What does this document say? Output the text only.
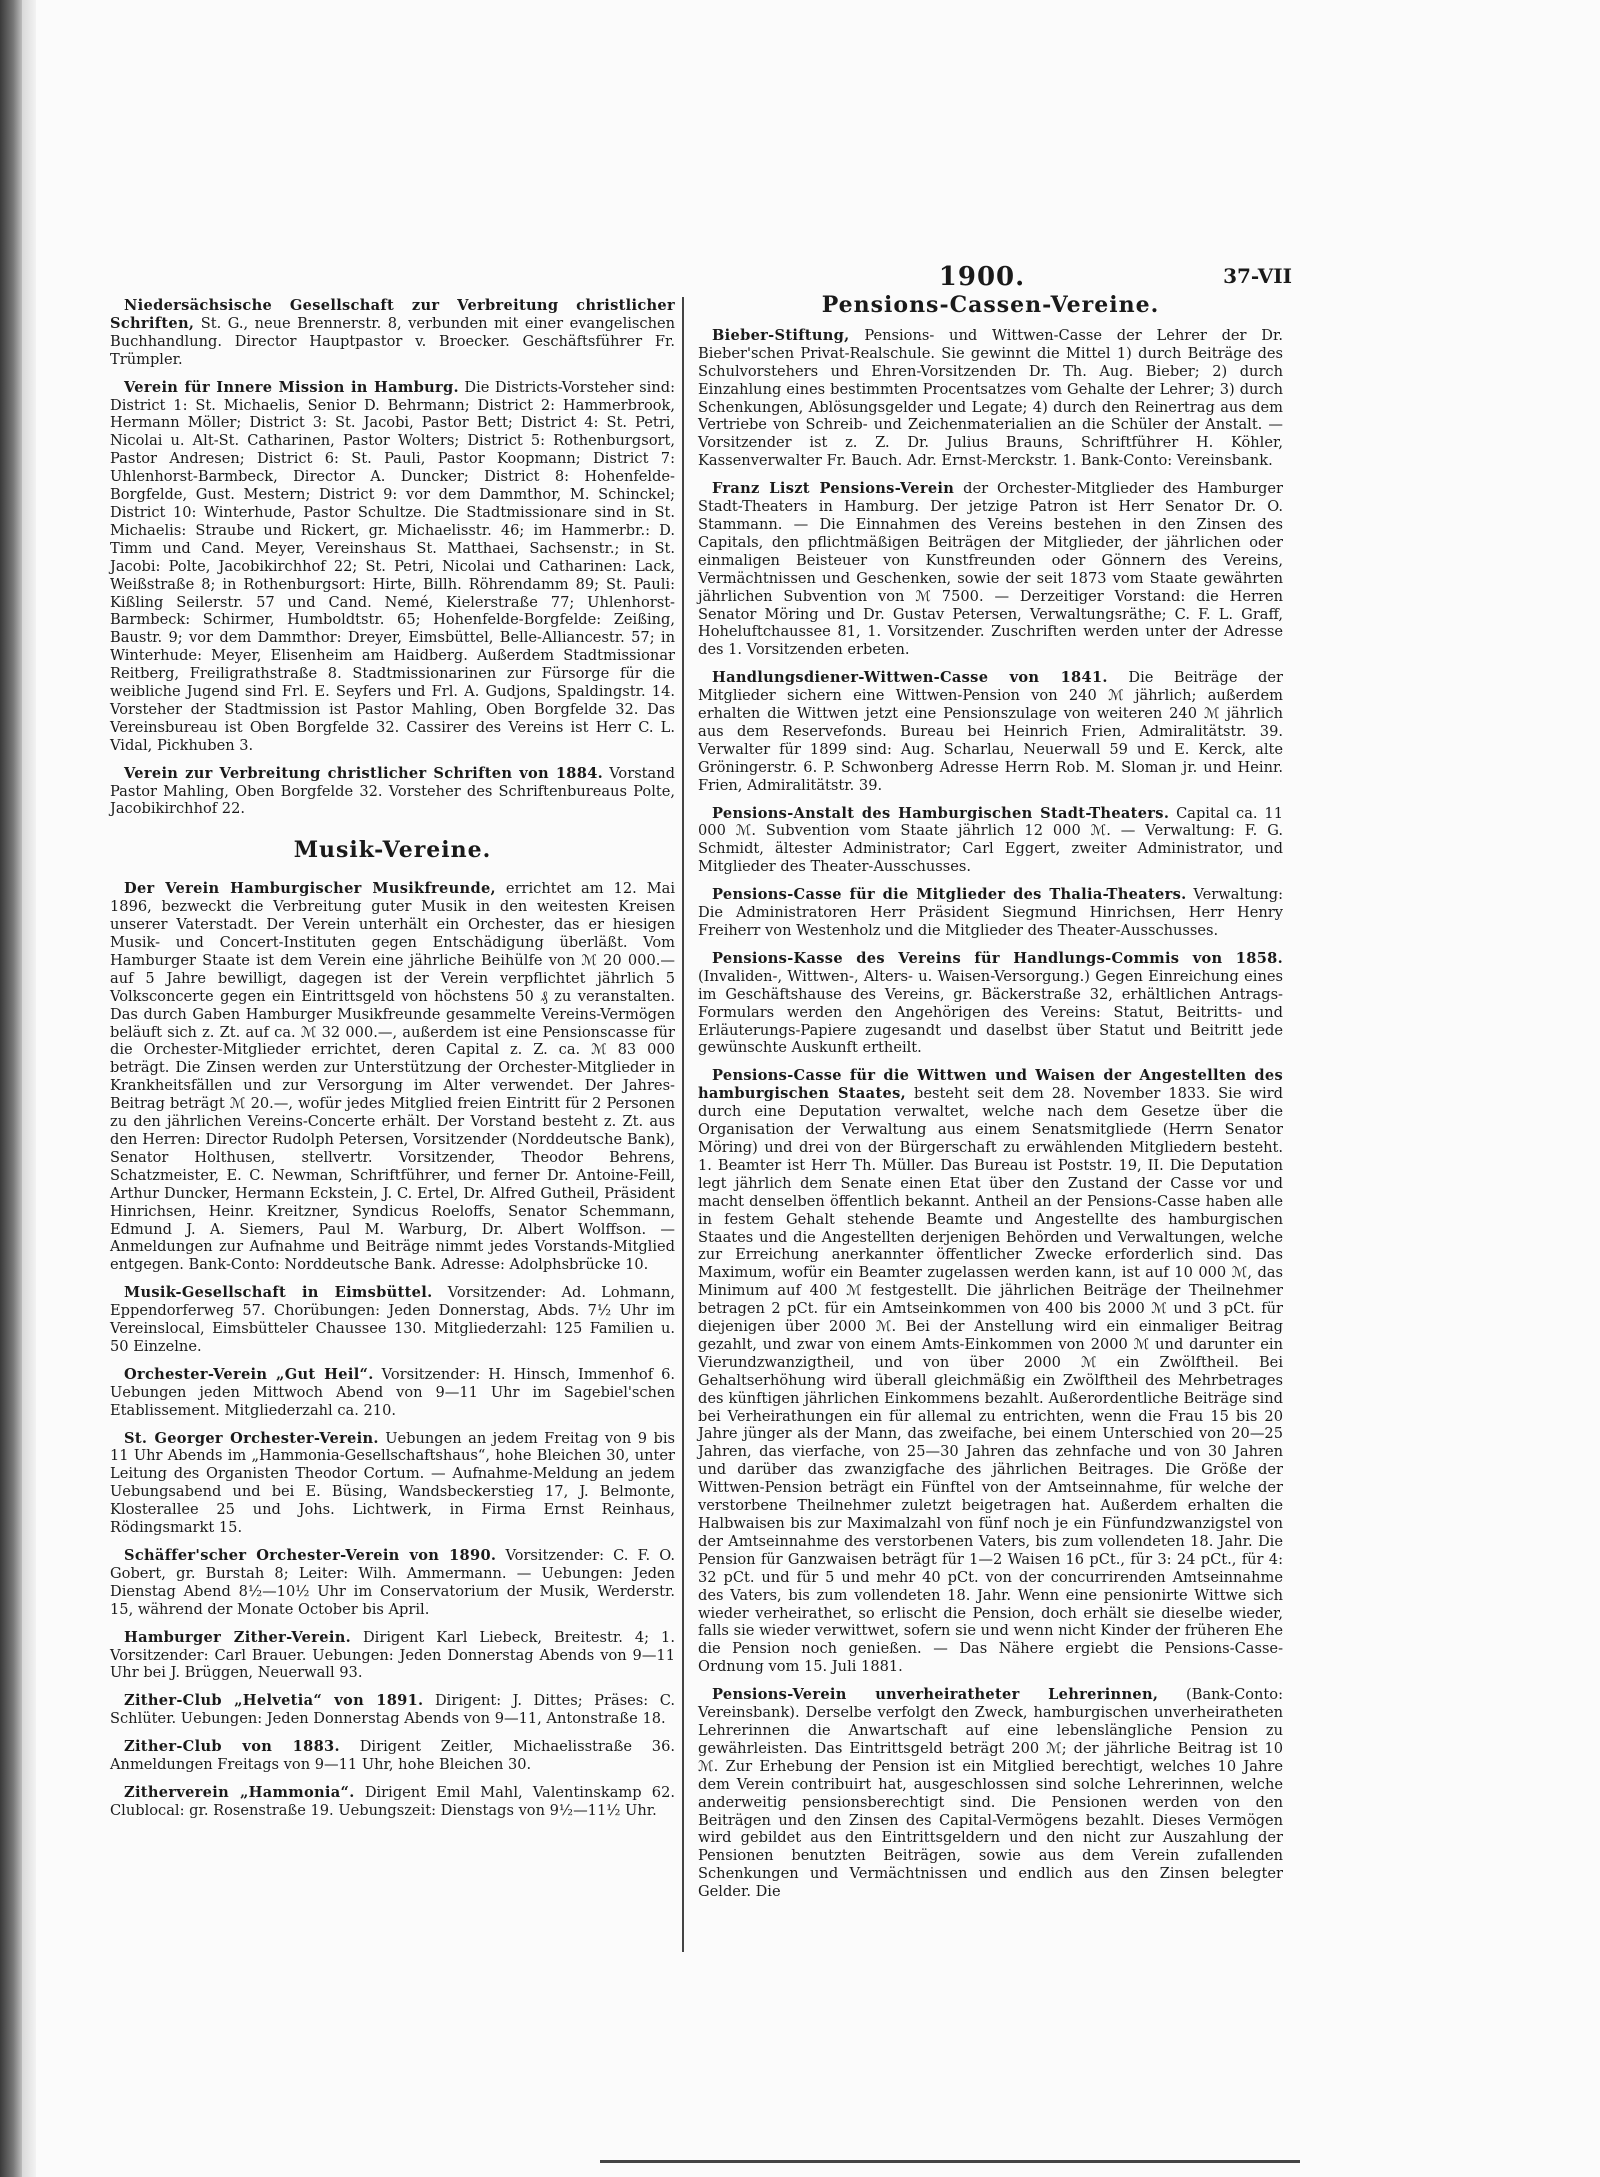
1900.	37-VII

Niedersächsische Gesellschaft zur Verbreitung christlicher Schriften, St. G., neue Brennerstr. 8, verbunden mit einer evangelischen Buchhandlung. Director Hauptpastor v. Broecker. Geschäftsführer Fr. Trümpler.

Verein für Innere Mission in Hamburg. Die Districts-Vorsteher sind: District 1: St. Michaelis, Senior D. Behrmann; District 2: Hammerbrook, Hermann Möller; District 3: St. Jacobi, Pastor Bett; District 4: St. Petri, Nicolai u. Alt-St. Catharinen, Pastor Wolters; District 5: Rothenburgsort, Pastor Andresen; District 6: St. Pauli, Pastor Koopmann; District 7: Uhlenhorst-Barmbeck, Director A. Duncker; District 8: Hohenfelde-Borgfelde, Gust. Mestern; District 9: vor dem Dammthor, M. Schinckel; District 10: Winterhude, Pastor Schultze. Die Stadtmissionare sind in St. Michaelis: Straube und Rickert, gr. Michaelisstr. 46; im Hammerbr.: D. Timm und Cand. Meyer, Vereinshaus St. Matthaei, Sachsenstr.; in St. Jacobi: Polte, Jacobikirchhof 22; St. Petri, Nicolai und Catharinen: Lack, Weißstraße 8; in Rothenburgsort: Hirte, Billh. Röhrendamm 89; St. Pauli: Kißling Seilerstr. 57 und Cand. Nemé, Kielerstraße 77; Uhlenhorst-Barmbeck: Schirmer, Humboldtstr. 65; Hohenfelde-Borgfelde: Zeißing, Baustr. 9; vor dem Dammthor: Dreyer, Eimsbüttel, Belle-Alliancestr. 57; in Winterhude: Meyer, Elisenheim am Haidberg. Außerdem Stadtmissionar Reitberg, Freiligrathstraße 8. Stadtmissionarinen zur Fürsorge für die weibliche Jugend sind Frl. E. Seyfers und Frl. A. Gudjons, Spaldingstr. 14. Vorsteher der Stadtmission ist Pastor Mahling, Oben Borgfelde 32. Das Vereinsbureau ist Oben Borgfelde 32. Cassirer des Vereins ist Herr C. L. Vidal, Pickhuben 3.

Verein zur Verbreitung christlicher Schriften von 1884. Vorstand Pastor Mahling, Oben Borgfelde 32. Vorsteher des Schriftenbureaus Polte, Jacobikirchhof 22.

Musik-Vereine.

Der Verein Hamburgischer Musikfreunde, errichtet am 12. Mai 1896, bezweckt die Verbreitung guter Musik in den weitesten Kreisen unserer Vaterstadt. Der Verein unterhält ein Orchester, das er hiesigen Musik- und Concert-Instituten gegen Entschädigung überläßt. Vom Hamburger Staate ist dem Verein eine jährliche Beihülfe von ℳ 20 000.— auf 5 Jahre bewilligt, dagegen ist der Verein verpflichtet jährlich 5 Volksconcerte gegen ein Eintrittsgeld von höchstens 50 ₰ zu veranstalten. Das durch Gaben Hamburger Musikfreunde gesammelte Vereins-Vermögen beläuft sich z. Zt. auf ca. ℳ 32 000.—, außerdem ist eine Pensionscasse für die Orchester-Mitglieder errichtet, deren Capital z. Z. ca. ℳ 83 000 beträgt. Die Zinsen werden zur Unterstützung der Orchester-Mitglieder in Krankheitsfällen und zur Versorgung im Alter verwendet. Der Jahres-Beitrag beträgt ℳ 20.—, wofür jedes Mitglied freien Eintritt für 2 Personen zu den jährlichen Vereins-Concerte erhält. Der Vorstand besteht z. Zt. aus den Herren: Director Rudolph Petersen, Vorsitzender (Norddeutsche Bank), Senator Holthusen, stellvertr. Vorsitzender, Theodor Behrens, Schatzmeister, E. C. Newman, Schriftführer, und ferner Dr. Antoine-Feill, Arthur Duncker, Hermann Eckstein, J. C. Ertel, Dr. Alfred Gutheil, Präsident Hinrichsen, Heinr. Kreitzner, Syndicus Roeloffs, Senator Schemmann, Edmund J. A. Siemers, Paul M. Warburg, Dr. Albert Wolffson. — Anmeldungen zur Aufnahme und Beiträge nimmt jedes Vorstands-Mitglied entgegen. Bank-Conto: Norddeutsche Bank. Adresse: Adolphsbrücke 10.

Musik-Gesellschaft in Eimsbüttel. Vorsitzender: Ad. Lohmann, Eppendorferweg 57. Chorübungen: Jeden Donnerstag, Abds. 7½ Uhr im Vereinslocal, Eimsbütteler Chaussee 130. Mitgliederzahl: 125 Familien u. 50 Einzelne.

Orchester-Verein „Gut Heil“. Vorsitzender: H. Hinsch, Immenhof 6. Uebungen jeden Mittwoch Abend von 9—11 Uhr im Sagebiel'schen Etablissement. Mitgliederzahl ca. 210.

St. Georger Orchester-Verein. Uebungen an jedem Freitag von 9 bis 11 Uhr Abends im „Hammonia-Gesellschaftshaus“, hohe Bleichen 30, unter Leitung des Organisten Theodor Cortum. — Aufnahme-Meldung an jedem Uebungsabend und bei E. Büsing, Wandsbeckerstieg 17, J. Belmonte, Klosterallee 25 und Johs. Lichtwerk, in Firma Ernst Reinhaus, Rödingsmarkt 15.

Schäffer'scher Orchester-Verein von 1890. Vorsitzender: C. F. O. Gobert, gr. Burstah 8; Leiter: Wilh. Ammermann. — Uebungen: Jeden Dienstag Abend 8½—10½ Uhr im Conservatorium der Musik, Werderstr. 15, während der Monate October bis April.

Hamburger Zither-Verein. Dirigent Karl Liebeck, Breitestr. 4; 1. Vorsitzender: Carl Brauer. Uebungen: Jeden Donnerstag Abends von 9—11 Uhr bei J. Brüggen, Neuerwall 93.

Zither-Club „Helvetia“ von 1891. Dirigent: J. Dittes; Präses: C. Schlüter. Uebungen: Jeden Donnerstag Abends von 9—11, Antonstraße 18.

Zither-Club von 1883. Dirigent Zeitler, Michaelisstraße 36. Anmeldungen Freitags von 9—11 Uhr, hohe Bleichen 30.

Zitherverein „Hammonia“. Dirigent Emil Mahl, Valentinskamp 62. Clublocal: gr. Rosenstraße 19. Uebungszeit: Dienstags von 9½—11½ Uhr.

Pensions-Cassen-Vereine.

Bieber-Stiftung, Pensions- und Wittwen-Casse der Lehrer der Dr. Bieber'schen Privat-Realschule. Sie gewinnt die Mittel 1) durch Beiträge des Schulvorstehers und Ehren-Vorsitzenden Dr. Th. Aug. Bieber; 2) durch Einzahlung eines bestimmten Procentsatzes vom Gehalte der Lehrer; 3) durch Schenkungen, Ablösungsgelder und Legate; 4) durch den Reinertrag aus dem Vertriebe von Schreib- und Zeichenmaterialien an die Schüler der Anstalt. — Vorsitzender ist z. Z. Dr. Julius Brauns, Schriftführer H. Köhler, Kassenverwalter Fr. Bauch. Adr. Ernst-Merckstr. 1. Bank-Conto: Vereinsbank.

Franz Liszt Pensions-Verein der Orchester-Mitglieder des Hamburger Stadt-Theaters in Hamburg. Der jetzige Patron ist Herr Senator Dr. O. Stammann. — Die Einnahmen des Vereins bestehen in den Zinsen des Capitals, den pflichtmäßigen Beiträgen der Mitglieder, der jährlichen oder einmaligen Beisteuer von Kunstfreunden oder Gönnern des Vereins, Vermächtnissen und Geschenken, sowie der seit 1873 vom Staate gewährten jährlichen Subvention von ℳ 7500. — Derzeitiger Vorstand: die Herren Senator Möring und Dr. Gustav Petersen, Verwaltungsräthe; C. F. L. Graff, Hoheluftchaussee 81, 1. Vorsitzender. Zuschriften werden unter der Adresse des 1. Vorsitzenden erbeten.

Handlungsdiener-Wittwen-Casse von 1841. Die Beiträge der Mitglieder sichern eine Wittwen-Pension von 240 ℳ jährlich; außerdem erhalten die Wittwen jetzt eine Pensionszulage von weiteren 240 ℳ jährlich aus dem Reservefonds. Bureau bei Heinrich Frien, Admiralitätstr. 39. Verwalter für 1899 sind: Aug. Scharlau, Neuerwall 59 und E. Kerck, alte Gröningerstr. 6. P. Schwonberg Adresse Herrn Rob. M. Sloman jr. und Heinr. Frien, Admiralitätstr. 39.

Pensions-Anstalt des Hamburgischen Stadt-Theaters. Capital ca. 11 000 ℳ. Subvention vom Staate jährlich 12 000 ℳ. — Verwaltung: F. G. Schmidt, ältester Administrator; Carl Eggert, zweiter Administrator, und Mitglieder des Theater-Ausschusses.

Pensions-Casse für die Mitglieder des Thalia-Theaters. Verwaltung: Die Administratoren Herr Präsident Siegmund Hinrichsen, Herr Henry Freiherr von Westenholz und die Mitglieder des Theater-Ausschusses.

Pensions-Kasse des Vereins für Handlungs-Commis von 1858. (Invaliden-, Wittwen-, Alters- u. Waisen-Versorgung.) Gegen Einreichung eines im Geschäftshause des Vereins, gr. Bäckerstraße 32, erhältlichen Antrags-Formulars werden den Angehörigen des Vereins: Statut, Beitritts- und Erläuterungs-Papiere zugesandt und daselbst über Statut und Beitritt jede gewünschte Auskunft ertheilt.

Pensions-Casse für die Wittwen und Waisen der Angestellten des hamburgischen Staates, besteht seit dem 28. November 1833. Sie wird durch eine Deputation verwaltet, welche nach dem Gesetze über die Organisation der Verwaltung aus einem Senatsmitgliede (Herrn Senator Möring) und drei von der Bürgerschaft zu erwählenden Mitgliedern besteht. 1. Beamter ist Herr Th. Müller. Das Bureau ist Poststr. 19, II. Die Deputation legt jährlich dem Senate einen Etat über den Zustand der Casse vor und macht denselben öffentlich bekannt. Antheil an der Pensions-Casse haben alle in festem Gehalt stehende Beamte und Angestellte des hamburgischen Staates und die Angestellten derjenigen Behörden und Verwaltungen, welche zur Erreichung anerkannter öffentlicher Zwecke erforderlich sind. Das Maximum, wofür ein Beamter zugelassen werden kann, ist auf 10 000 ℳ, das Minimum auf 400 ℳ festgestellt. Die jährlichen Beiträge der Theilnehmer betragen 2 pCt. für ein Amtseinkommen von 400 bis 2000 ℳ und 3 pCt. für diejenigen über 2000 ℳ. Bei der Anstellung wird ein einmaliger Beitrag gezahlt, und zwar von einem Amts-Einkommen von 2000 ℳ und darunter ein Vierundzwanzigtheil, und von über 2000 ℳ ein Zwölftheil. Bei Gehaltserhöhung wird überall gleichmäßig ein Zwölftheil des Mehrbetrages des künftigen jährlichen Einkommens bezahlt. Außerordentliche Beiträge sind bei Verheirathungen ein für allemal zu entrichten, wenn die Frau 15 bis 20 Jahre jünger als der Mann, das zweifache, bei einem Unterschied von 20—25 Jahren, das vierfache, von 25—30 Jahren das zehnfache und von 30 Jahren und darüber das zwanzigfache des jährlichen Beitrages. Die Größe der Wittwen-Pension beträgt ein Fünftel von der Amtseinnahme, für welche der verstorbene Theilnehmer zuletzt beigetragen hat. Außerdem erhalten die Halbwaisen bis zur Maximalzahl von fünf noch je ein Fünfundzwanzigstel von der Amtseinnahme des verstorbenen Vaters, bis zum vollendeten 18. Jahr. Die Pension für Ganzwaisen beträgt für 1—2 Waisen 16 pCt., für 3: 24 pCt., für 4: 32 pCt. und für 5 und mehr 40 pCt. von der concurrirenden Amtseinnahme des Vaters, bis zum vollendeten 18. Jahr. Wenn eine pensionirte Wittwe sich wieder verheirathet, so erlischt die Pension, doch erhält sie dieselbe wieder, falls sie wieder verwittwet, sofern sie und wenn nicht Kinder der früheren Ehe die Pension noch genießen. — Das Nähere ergiebt die Pensions-Casse-Ordnung vom 15. Juli 1881.

Pensions-Verein unverheiratheter Lehrerinnen, (Bank-Conto: Vereinsbank). Derselbe verfolgt den Zweck, hamburgischen unverheiratheten Lehrerinnen die Anwartschaft auf eine lebenslängliche Pension zu gewährleisten. Das Eintrittsgeld beträgt 200 ℳ; der jährliche Beitrag ist 10 ℳ. Zur Erhebung der Pension ist ein Mitglied berechtigt, welches 10 Jahre dem Verein contribuirt hat, ausgeschlossen sind solche Lehrerinnen, welche anderweitig pensionsberechtigt sind. Die Pensionen werden von den Beiträgen und den Zinsen des Capital-Vermögens bezahlt. Dieses Vermögen wird gebildet aus den Eintrittsgeldern und den nicht zur Auszahlung der Pensionen benutzten Beiträgen, sowie aus dem Verein zufallenden Schenkungen und Vermächtnissen und endlich aus den Zinsen belegter Gelder. Die
